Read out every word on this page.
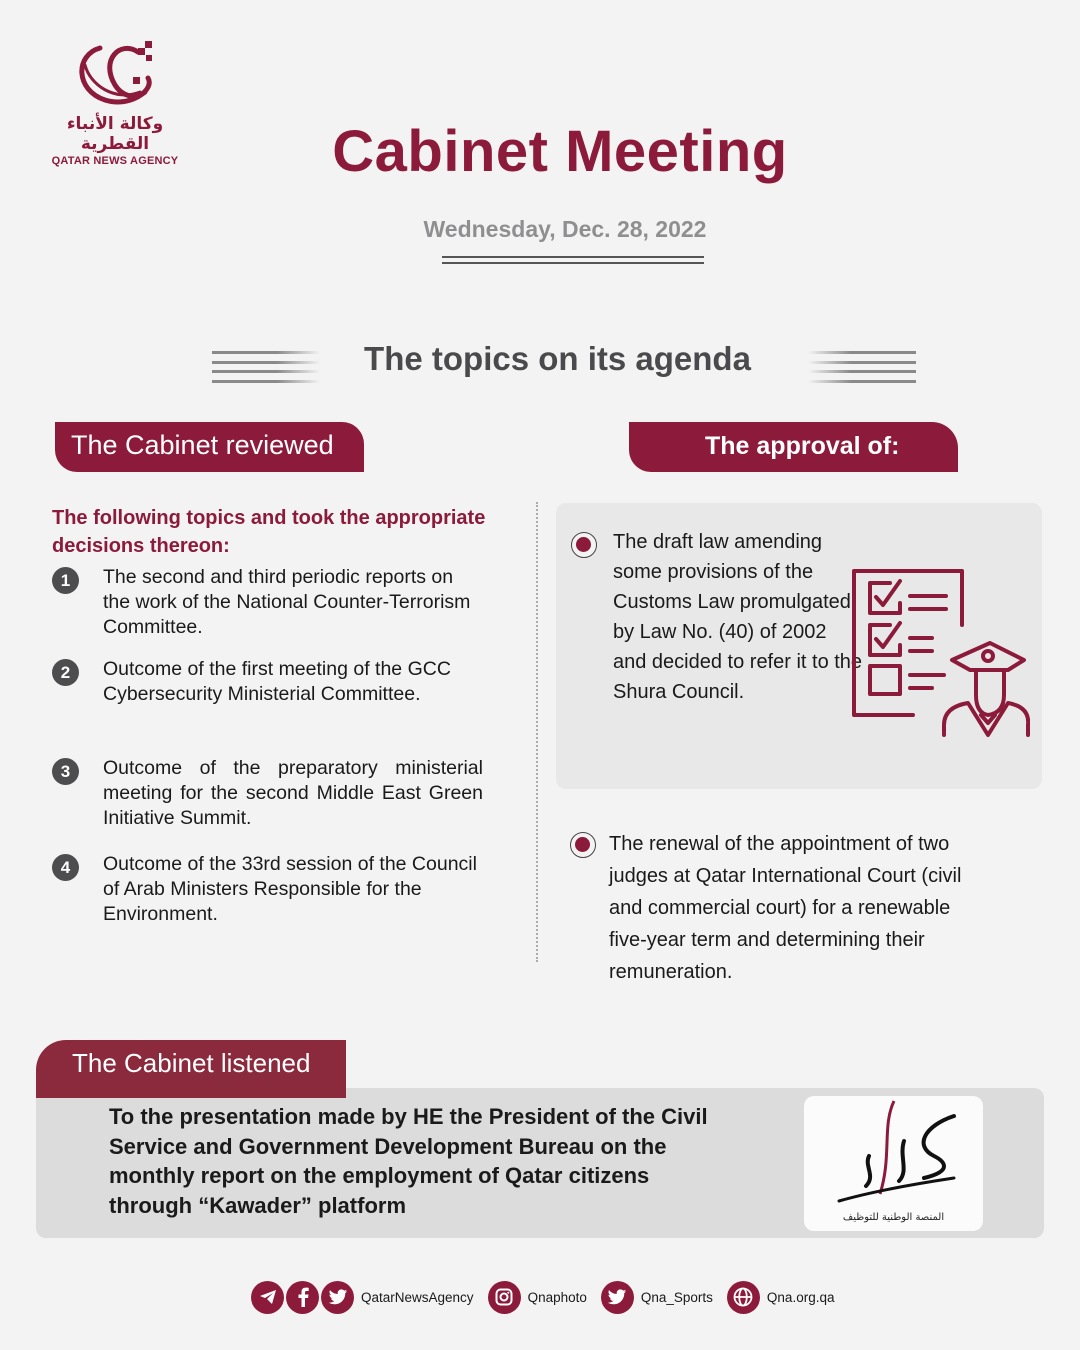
وكالة الأنباء القطرية
QATAR NEWS AGENCY	Cabinet Meeting
Wednesday, Dec. 28, 2022
The topics on its agenda
The Cabinet reviewed
The following topics and took the appropriate decisions thereon:
1	The second and third periodic reports on the work of the National Counter-Terrorism Committee.
2	Outcome of the first meeting of the GCC Cybersecurity Ministerial Committee.
3	Outcome of the preparatory ministerial meeting for the second Middle East Green Initiative Summit.
4	Outcome of the 33rd session of the Council of Arab Ministers Responsible for the Environment.
The approval of:
The draft law amending some provisions of the Customs Law promulgated by Law No. (40) of 2002 and decided to refer it to the Shura Council.
The renewal of the appointment of two judges at Qatar International Court (civil and commercial court) for a renewable five-year term and determining their remuneration.
The Cabinet listened
To the presentation made by HE the President of the Civil Service and Government Development Bureau on the monthly report on the employment of Qatar citizens through “Kawader” platform	المنصة الوطنية للتوظيف
QatarNewsAgency	Qnaphoto	Qna_Sports	Qna.org.qa
